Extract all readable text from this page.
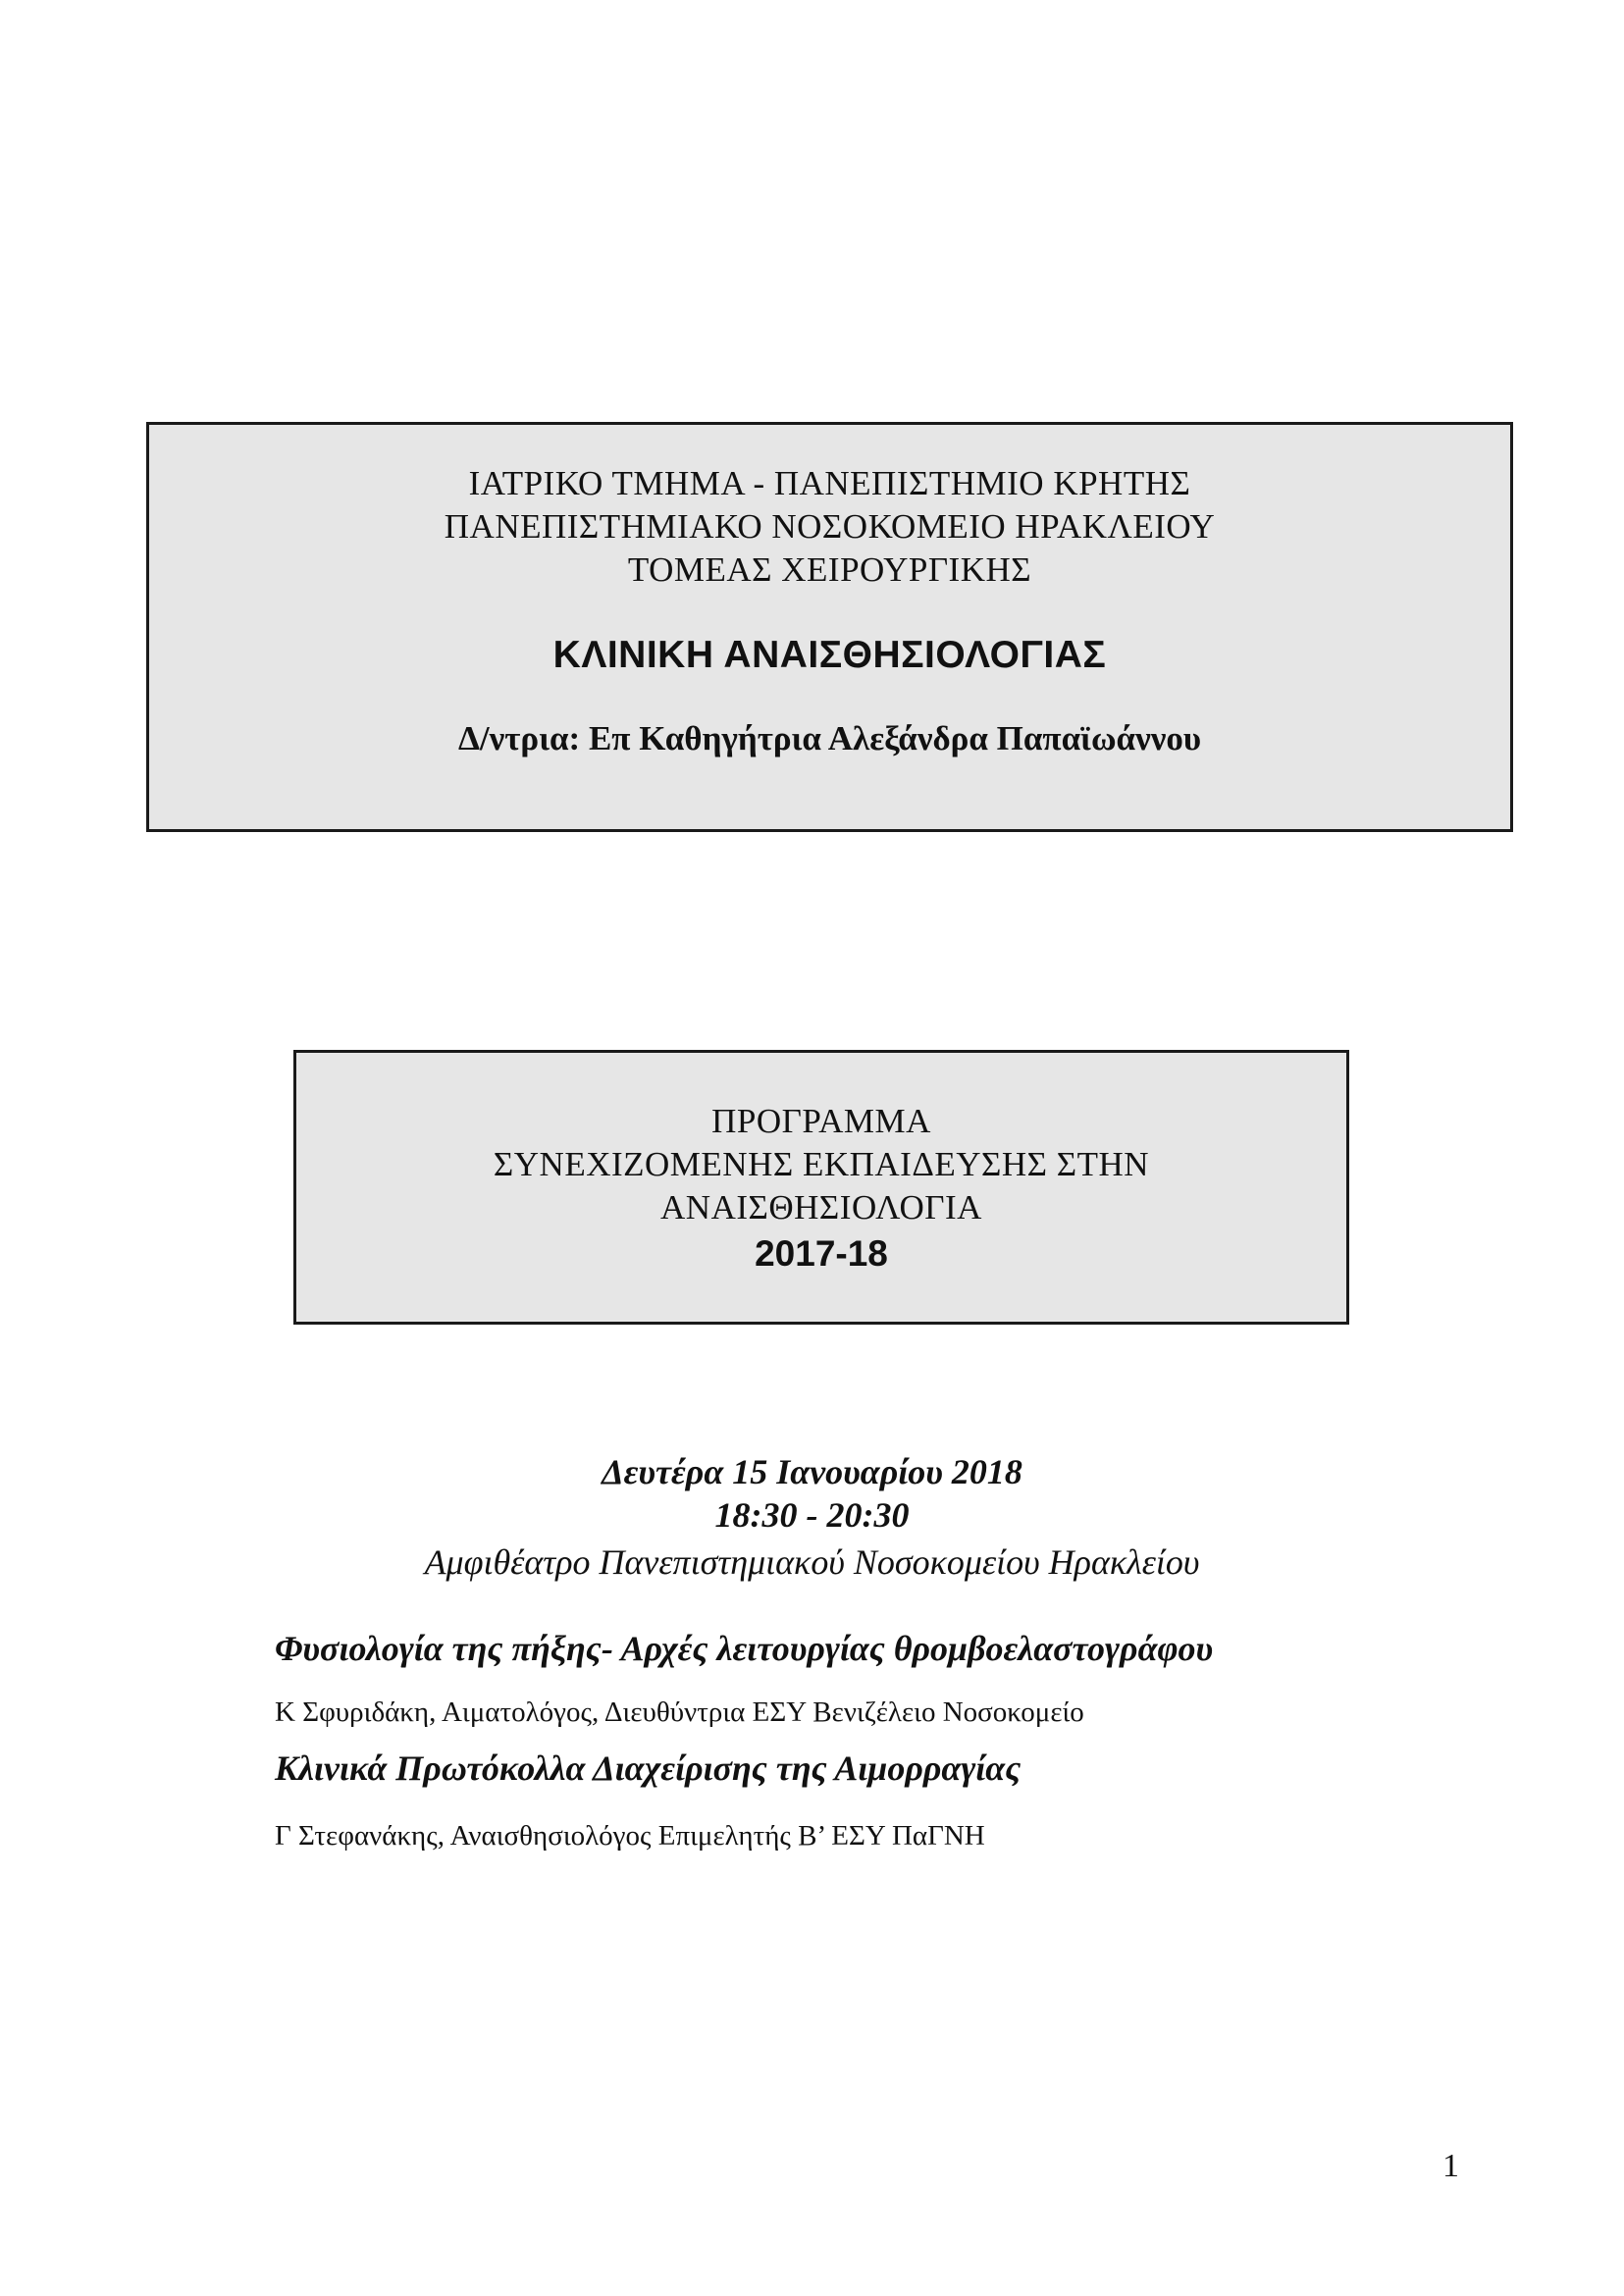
ΙΑΤΡΙΚΟ ΤΜΗΜΑ - ΠΑΝΕΠΙΣΤΗΜΙΟ ΚΡΗΤΗΣ
ΠΑΝΕΠΙΣΤΗΜΙΑΚΟ ΝΟΣΟΚΟΜΕΙΟ ΗΡΑΚΛΕΙΟΥ
ΤΟΜΕΑΣ ΧΕΙΡΟΥΡΓΙΚΗΣ
ΚΛΙΝΙΚΗ ΑΝΑΙΣΘΗΣΙΟΛΟΓΙΑΣ
Δ/ντρια: Επ Καθηγήτρια Αλεξάνδρα Παπαϊωάννου
ΠΡΟΓΡΑΜΜΑ
ΣΥΝΕΧΙΖΟΜΕΝΗΣ ΕΚΠΑΙΔΕΥΣΗΣ ΣΤΗΝ
ΑΝΑΙΣΘΗΣΙΟΛΟΓΙΑ
2017-18
Δευτέρα 15 Ιανουαρίου 2018
18:30 - 20:30
Αμφιθέατρο Πανεπιστημιακού Νοσοκομείου Ηρακλείου
Φυσιολογία της πήξης- Αρχές λειτουργίας θρομβοελαστογράφου
Κ Σφυριδάκη, Αιματολόγος, Διευθύντρια ΕΣΥ Βενιζέλειο Νοσοκομείο
Κλινικά Πρωτόκολλα Διαχείρισης της Αιμορραγίας
Γ Στεφανάκης, Αναισθησιολόγος Επιμελητής Β’ ΕΣΥ ΠαΓΝΗ
1
